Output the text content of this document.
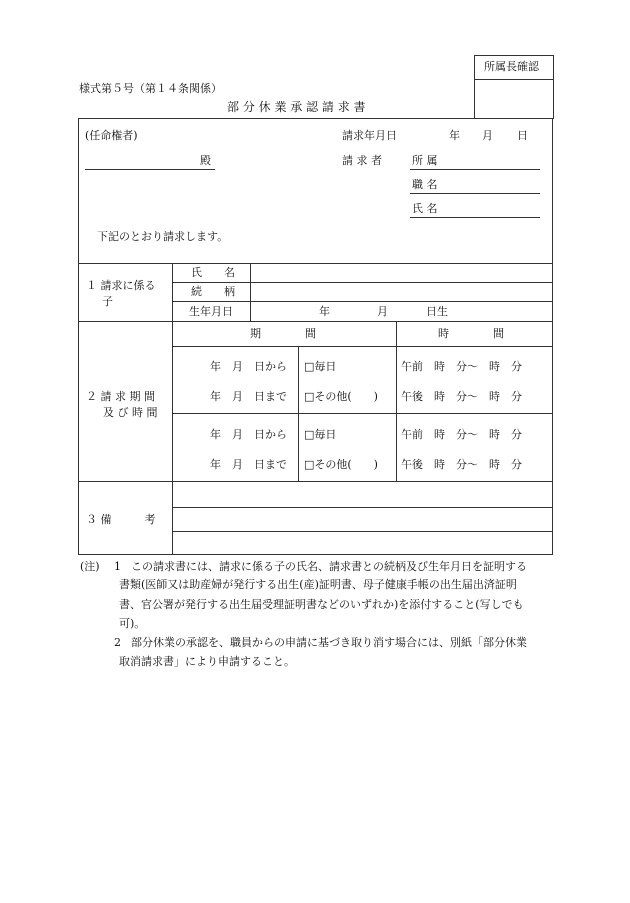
所属長確認
様式第５号（第１４条関係）
部 分 休 業 承 認 請 求 書
(任命権者)	請求年月日	年 月 日
殿	請 求 者	所 属
職 名
氏 名
下記のとおり請求します。
１ 請求に係る
子
氏　　名
続　　柄
生年月日	年	月	日生
２ 請 求 期 間
及 び 時 間
期　　　　間	時　　　　間
年　月　日から □毎日	午前　時　分〜　時　分
年　月　日まで □その他(　　) 午後　時　分〜　時　分
年　月　日から □毎日	午前　時　分〜　時　分
年　月　日まで □その他(　　) 午後　時　分〜　時　分
３ 備　　　考
(注) 1 この請求書には、請求に係る子の氏名、請求書との続柄及び生年月日を証明する
書類(医師又は助産婦が発行する出生(産)証明書、母子健康手帳の出生届出済証明
書、官公署が発行する出生届受理証明書などのいずれか)を添付すること(写しでも
可)。
2 部分休業の承認を、職員からの申請に基づき取り消す場合には、別紙「部分休業
取消請求書」により申請すること。
